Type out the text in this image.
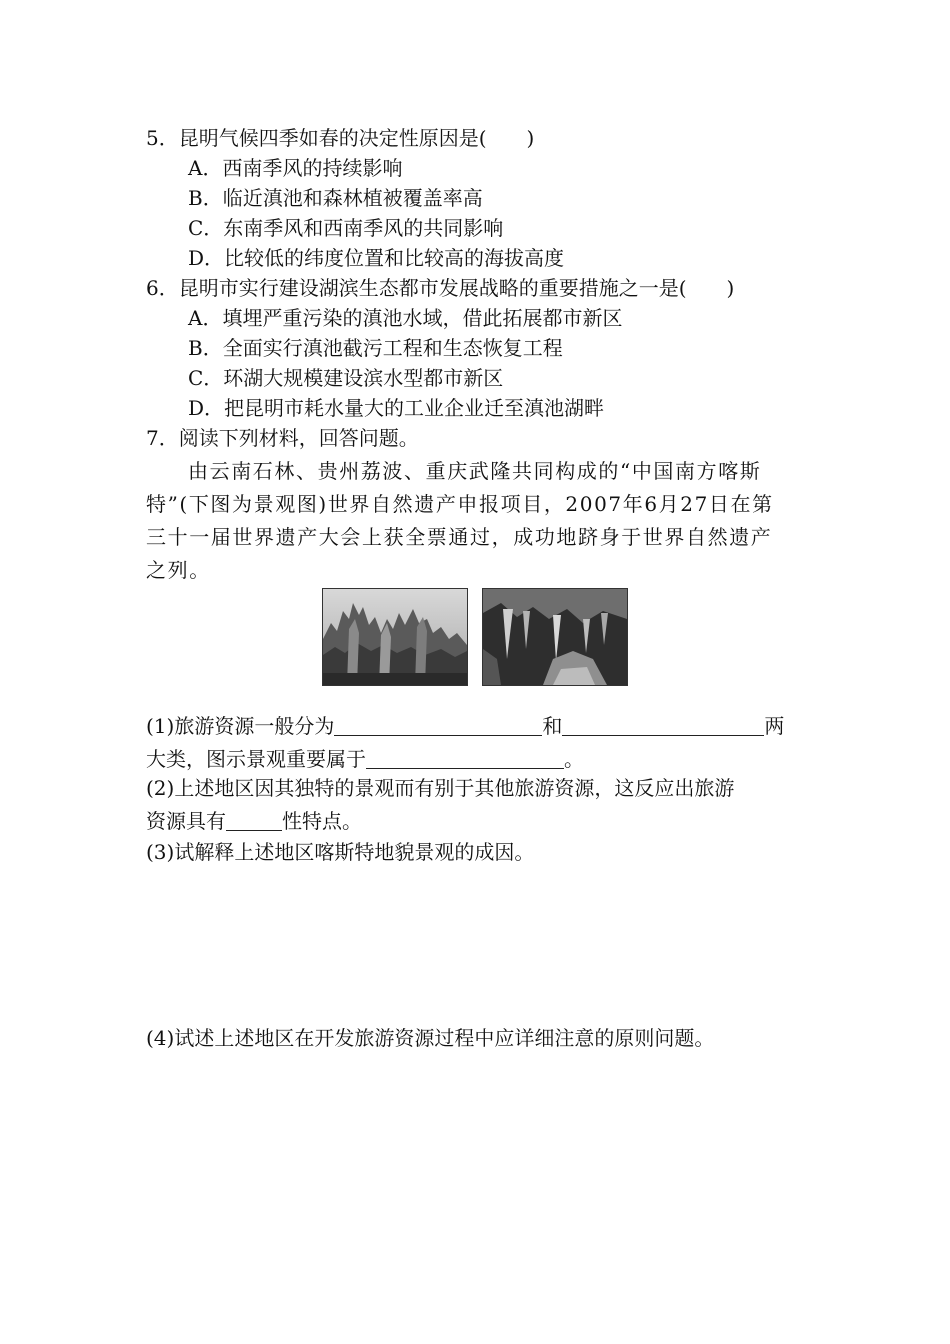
5．昆明气候四季如春的决定性原因是(　　)
A．西南季风的持续影响
B．临近滇池和森林植被覆盖率高
C．东南季风和西南季风的共同影响
D．比较低的纬度位置和比较高的海拔高度
6．昆明市实行建设湖滨生态都市发展战略的重要措施之一是(　　)
A．填埋严重污染的滇池水域，借此拓展都市新区
B．全面实行滇池截污工程和生态恢复工程
C．环湖大规模建设滨水型都市新区
D．把昆明市耗水量大的工业企业迁至滇池湖畔
7．阅读下列材料，回答问题。

由云南石林、贵州荔波、重庆武隆共同构成的“中国南方喀斯

特”(下图为景观图)世界自然遗产申报项目，2007年6月27日在第

三十一届世界遗产大会上获全票通过，成功地跻身于世界自然遗产

之列。

(1)旅游资源一般分为	和	两

大类，图示景观重要属于	。

(2)上述地区因其独特的景观而有别于其他旅游资源，这反应出旅游

资源具有	性特点。

(3)试解释上述地区喀斯特地貌景观的成因。

(4)试述上述地区在开发旅游资源过程中应详细注意的原则问题。
